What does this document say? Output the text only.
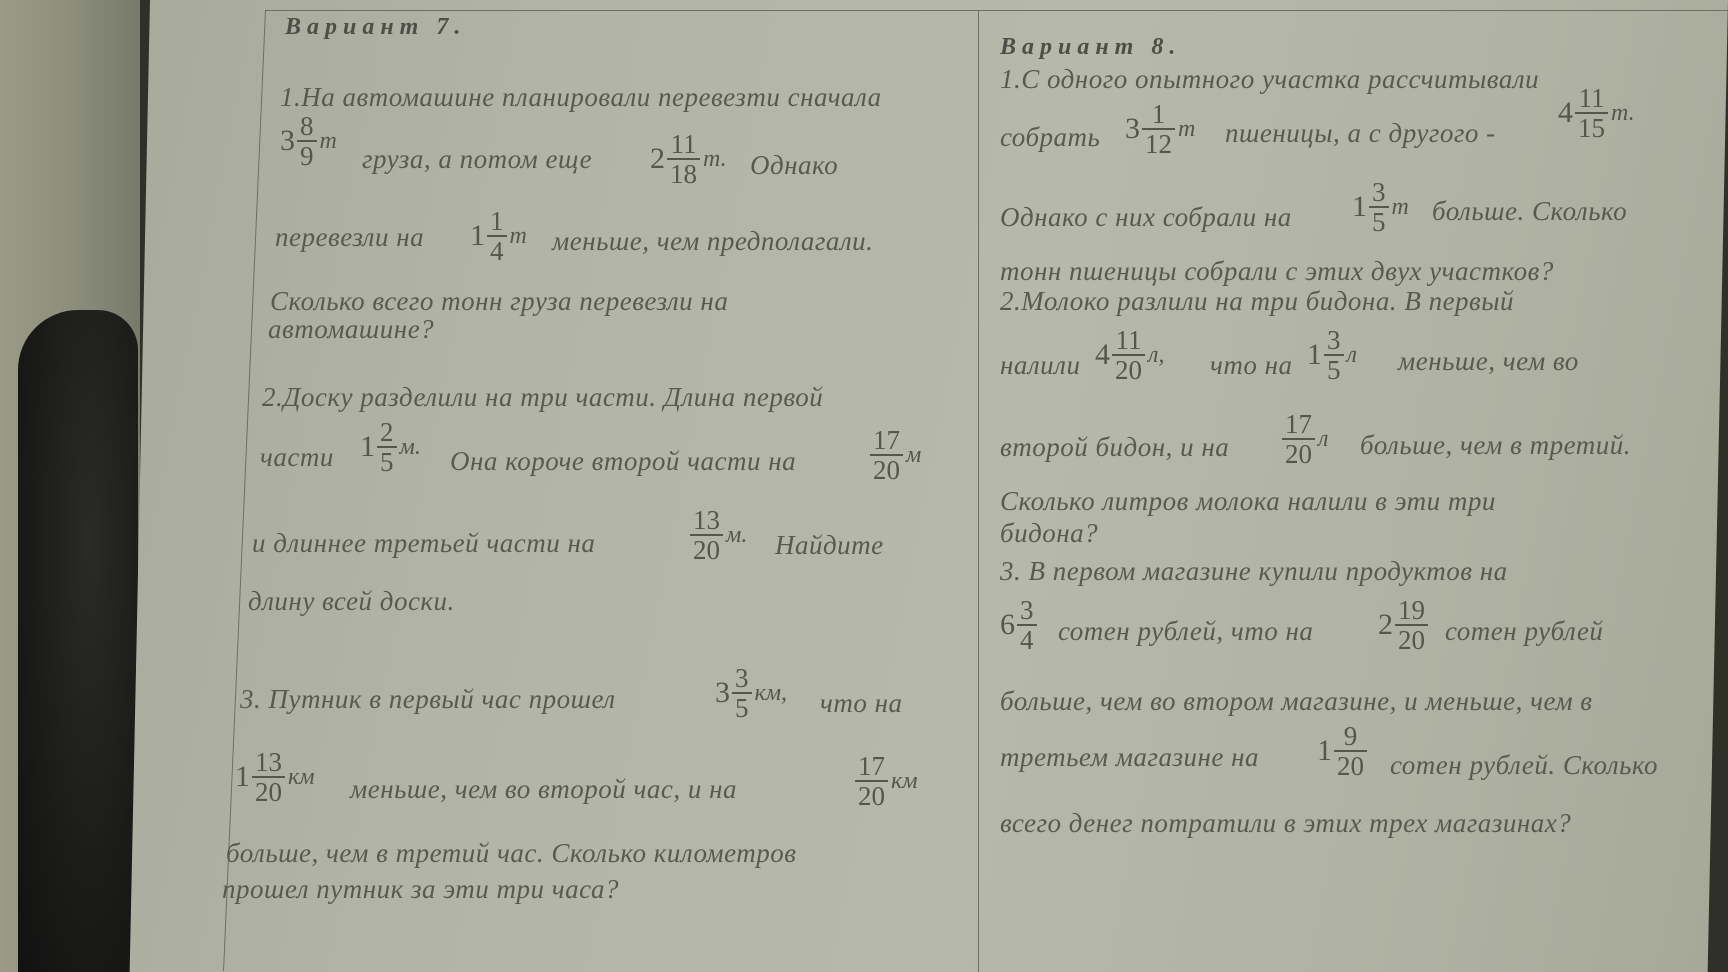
Вариант 7.
1.На автомашине планировали перевезти сначала
$3 \frac{8}{9}$ т
груза, а потом еще $2 \frac{11}{18} т$. Однако
перевезли на $1 \frac{1}{4}$ т меньше, чем предполагали.
Сколько всего тонн груза перевезли на
автомашине?
2.Доску разделили на три части. Длина первой
части $1 \frac{2}{5} м$. Она короче второй части на	$\frac{17}{20}$ м
и длиннее третьей части на	$\frac{13}{20} м$. Найдите
длину всей доски.
3. Путник в первый час прошел	$3 \frac{3}{5}$ км, что на
$1 \frac{13}{20}$ км меньше, чем во второй час, и на	$\frac{17}{20}$ км
больше, чем в третий час. Сколько километров
прошел путник за эти три часа?
Вариант 8.
1.С одного опытного участка рассчитывали
собрать $3 \frac{1}{12}$ т пшеницы, а с другого -
$4 \frac{11}{15} т$.
Однако с них собрали на $1 \frac{3}{5}$ т больше. Сколько
тонн пшеницы собрали с этих двух участков?
2.Молоко разлили на три бидона. В первый
налили $4 \frac{11}{20} л$, что на $1 \frac{3}{5}$ л меньше, чем во
второй бидон, и на $\frac{17}{20}$ л больше, чем в третий.
Сколько литров молока налили в эти три
бидона?
3. В первом магазине купили продуктов на
$6 \frac{3}{4}$ сотен рублей, что на $2 \frac{19}{20}$ сотен рублей
больше, чем во втором магазине, и меньше, чем в
третьем магазине на $1 \frac{9}{20}$ сотен рублей. Сколько
всего денег потратили в этих трех магазинах?
